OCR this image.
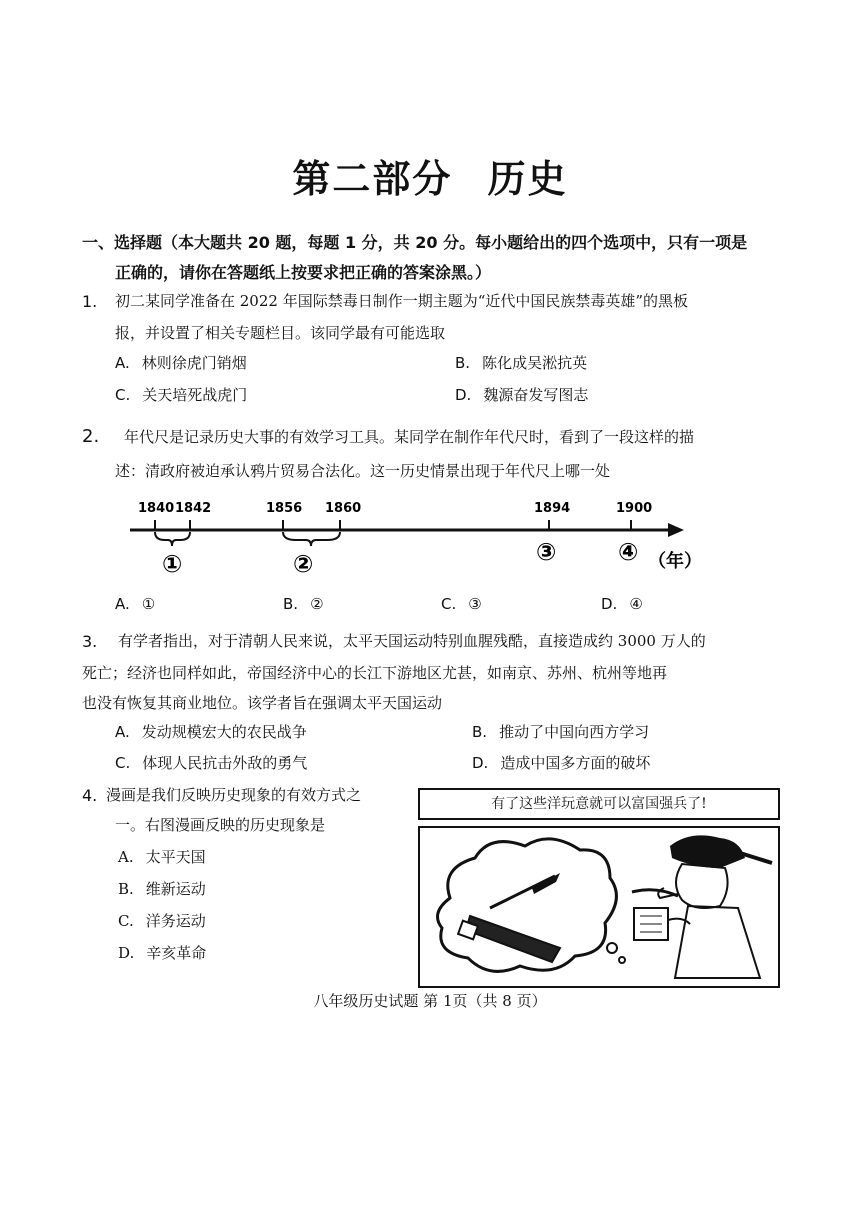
第二部分 历史
一、选择题（本大题共 20 题，每题 1 分，共 20 分。每小题给出的四个选项中，只有一项是
正确的，请你在答题纸上按要求把正确的答案涂黑。）
1. 初二某同学准备在 2022 年国际禁毒日制作一期主题为“近代中国民族禁毒英雄”的黑板
报，并设置了相关专题栏目。该同学最有可能选取
A. 林则徐虎门销烟	B. 陈化成吴淞抗英
C. 关天培死战虎门	D. 魏源奋发写图志
2. 年代尺是记录历史大事的有效学习工具。某同学在制作年代尺时，看到了一段这样的描
述：清政府被迫承认鸦片贸易合法化。这一历史情景出现于年代尺上哪一处
1840 1842	1856 1860	1894	1900
①	②	③	④ （年）
A. ①	B. ②	C. ③	D. ④
3. 有学者指出，对于清朝人民来说，太平天国运动特别血腥残酷，直接造成约 3000 万人的
死亡；经济也同样如此，帝国经济中心的长江下游地区尤甚，如南京、苏州、杭州等地再
也没有恢复其商业地位。该学者旨在强调太平天国运动
A. 发动规模宏大的农民战争	B. 推动了中国向西方学习
C. 体现人民抗击外敌的勇气	D. 造成中国多方面的破坏
4. 漫画是我们反映历史现象的有效方式之
一。右图漫画反映的历史现象是
A. 太平天国
B. 维新运动
C. 洋务运动
D. 辛亥革命
有了这些洋玩意就可以富国强兵了!
八年级历史试题 第 1页（共 8 页）
